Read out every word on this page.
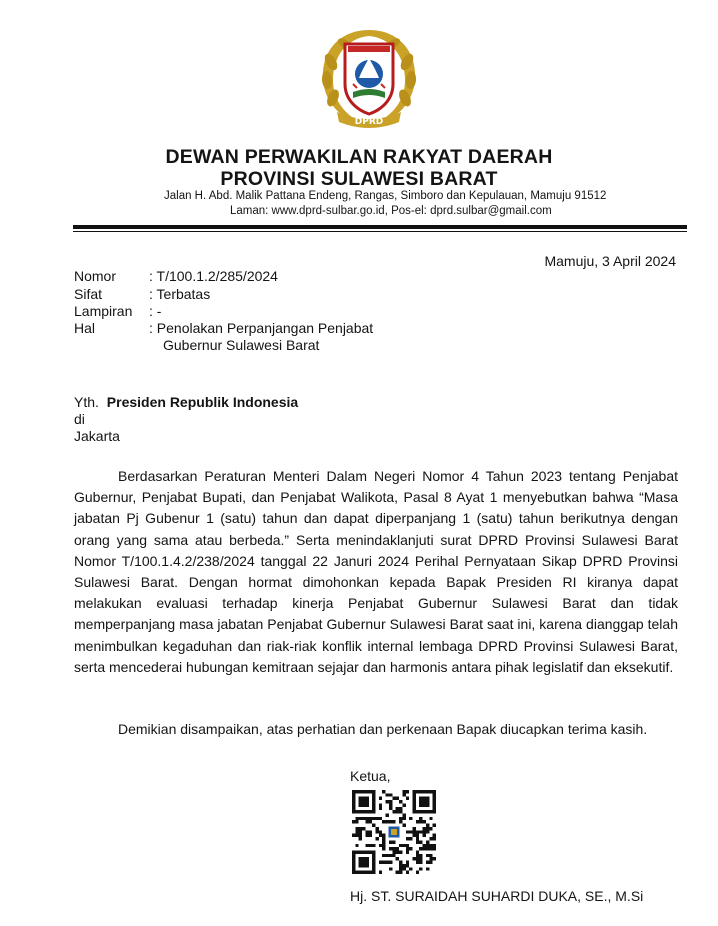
DPRD
DEWAN PERWAKILAN RAKYAT DAERAH
PROVINSI SULAWESI BARAT
Jalan H. Abd. Malik Pattana Endeng, Rangas, Simboro dan Kepulauan, Mamuju 91512
Laman: www.dprd-sulbar.go.id, Pos-el: dprd.sulbar@gmail.com
Mamuju, 3 April 2024
Nomor : T/100.1.2/285/2024
Sifat	: Terbatas
Lampiran : -
Hal	: Penolakan Perpanjangan Penjabat
Gubernur Sulawesi Barat
Yth. Presiden Republik Indonesia
di
Jakarta

Berdasarkan Peraturan Menteri Dalam Negeri Nomor 4 Tahun 2023 tentang Penjabat Gubernur, Penjabat Bupati, dan Penjabat Walikota, Pasal 8 Ayat 1 menyebutkan bahwa “Masa jabatan Pj Gubenur 1 (satu) tahun dan dapat diperpanjang 1 (satu) tahun berikutnya dengan orang yang sama atau berbeda.” Serta menindaklanjuti surat DPRD Provinsi Sulawesi Barat Nomor T/100.1.4.2/238/2024 tanggal 22 Januri 2024 Perihal Pernyataan Sikap DPRD Provinsi Sulawesi Barat. Dengan hormat dimohonkan kepada Bapak Presiden RI kiranya dapat melakukan evaluasi terhadap kinerja Penjabat Gubernur Sulawesi Barat dan tidak memperpanjang masa jabatan Penjabat Gubernur Sulawesi Barat saat ini, karena dianggap telah menimbulkan kegaduhan dan riak-riak konflik internal lembaga DPRD Provinsi Sulawesi Barat, serta mencederai hubungan kemitraan sejajar dan harmonis antara pihak legislatif dan eksekutif.

Demikian disampaikan, atas perhatian dan perkenaan Bapak diucapkan terima kasih.

Ketua,
Hj. ST. SURAIDAH SUHARDI DUKA, SE., M.Si
